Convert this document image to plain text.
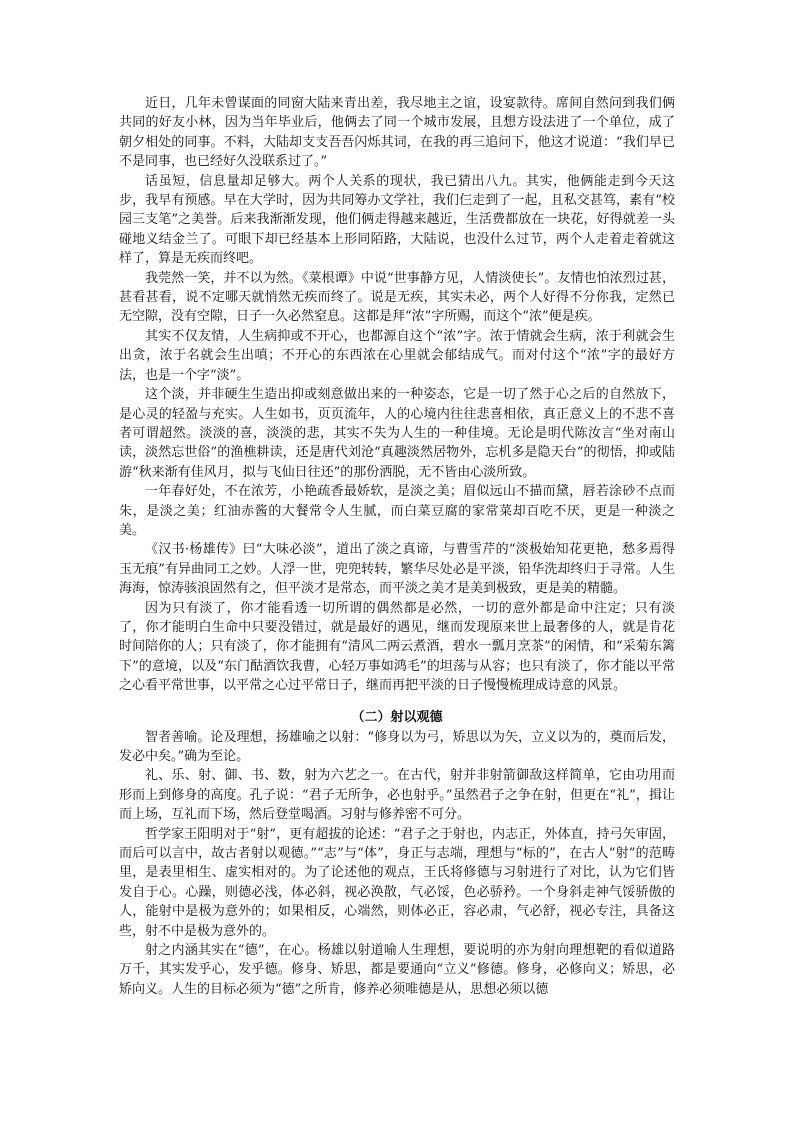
近日，几年未曾谋面的同窗大陆来青出差，我尽地主之谊，设宴款待。席间自然问到我们俩共同的好友小林，因为当年毕业后，他俩去了同一个城市发展，且想方设法进了一个单位，成了朝夕相处的同事。不料，大陆却支支吾吾闪烁其词，在我的再三追问下，他这才说道：“我们早已不是同事，也已经好久没联系过了。”

话虽短，信息量却足够大。两个人关系的现状，我已猜出八九。其实，他俩能走到今天这步，我早有预感。早在大学时，因为共同筹办文学社，我们仨走到了一起，且私交甚笃，素有“校园三支笔”之美誉。后来我渐渐发现，他们俩走得越来越近，生活费都放在一块花，好得就差一头碰地义结金兰了。可眼下却已经基本上形同陌路，大陆说，也没什么过节，两个人走着走着就这样了，算是无疾而终吧。

我莞然一笑，并不以为然。《菜根谭》中说“世事静方见，人情淡使长”。友情也怕浓烈过甚，甚看甚看，说不定哪天就悄然无疾而终了。说是无疾，其实未必，两个人好得不分你我，定然已无空隙，没有空隙，日子一久必然窒息。这都是拜“浓”字所赐，而这个“浓”便是疾。

其实不仅友情，人生病抑或不开心，也都源自这个“浓”字。浓于情就会生病，浓于利就会生出贪，浓于名就会生出嗔；不开心的东西浓在心里就会郁结成气。而对付这个“浓”字的最好方法，也是一个字“淡”。

这个淡，并非硬生生造出抑或刻意做出来的一种姿态，它是一切了然于心之后的自然放下，是心灵的轻盈与充实。人生如书，页页流年，人的心境内往往悲喜相依，真正意义上的不悲不喜者可谓超然。淡淡的喜，淡淡的悲，其实不失为人生的一种佳境。无论是明代陈汝言“坐对南山读，淡然忘世俗”的渔樵耕读，还是唐代刘沧“真趣淡然居物外，忘机多是隐天台”的彻悟，抑或陆游“秋来渐有佳风月，拟与飞仙日往还”的那份洒脱，无不皆由心淡所致。

一年春好处，不在浓芳，小艳疏香最娇软，是淡之美；眉似远山不描而黛，唇若涂砂不点而朱，是淡之美；红油赤酱的大餐常令人生腻，而白菜豆腐的家常菜却百吃不厌，更是一种淡之美。

《汉书·杨雄传》曰“大味必淡”，道出了淡之真谛，与曹雪芹的“淡极始知花更艳，愁多焉得玉无痕”有异曲同工之妙。人浮一世，兜兜转转，繁华尽处必是平淡，铅华洗却终归于寻常。人生海海，惊涛骇浪固然有之，但平淡才是常态，而平淡之美才是美到极致，更是美的精髓。

因为只有淡了，你才能看透一切所谓的偶然都是必然，一切的意外都是命中注定；只有淡了，你才能明白生命中只要没错过，就是最好的遇见，继而发现原来世上最奢侈的人，就是肯花时间陪你的人；只有淡了，你才能拥有“清风二两云煮酒，碧水一瓢月烹茶”的闲情，和“采菊东篱下”的意境，以及“东门酤酒饮我曹，心轻万事如鸿毛”的坦荡与从容；也只有淡了，你才能以平常之心看平常世事，以平常之心过平常日子，继而再把平淡的日子慢慢梳理成诗意的风景。

（二）射以观德

智者善喻。论及理想，扬雄喻之以射：“修身以为弓，矫思以为矢，立义以为的，奠而后发，发必中矣。”确为至论。

礼、乐、射、御、书、数，射为六艺之一。在古代，射并非射箭御敌这样简单，它由功用而形而上到修身的高度。孔子说：“君子无所争，必也射乎。”虽然君子之争在射，但更在“礼”，揖让而上场，互礼而下场，然后登堂喝酒。习射与修养密不可分。

哲学家王阳明对于“射”，更有超拔的论述：“君子之于射也，内志正，外体直，持弓矢审固，而后可以言中，故古者射以观德。”“志”与“体”，身正与志端，理想与“标的”，在古人“射”的范畴里，是表里相生、虚实相对的。为了论述他的观点，王氏将修德与习射进行了对比，认为它们皆发自于心。心躁，则德必浅，体必斜，视必涣散，气必馁，色必骄矜。一个身斜走神气馁骄傲的人，能射中是极为意外的；如果相反，心端然，则体必正，容必肃，气必舒，视必专注，具备这些，射不中是极为意外的。

射之内涵其实在“德”，在心。杨雄以射道喻人生理想，要说明的亦为射向理想靶的看似道路万千，其实发乎心，发乎德。修身、矫思，都是要通向“立义”修德。修身，必修向义；矫思，必矫向义。人生的目标必须为“德”之所肯，修养必须唯德是从，思想必须以德
